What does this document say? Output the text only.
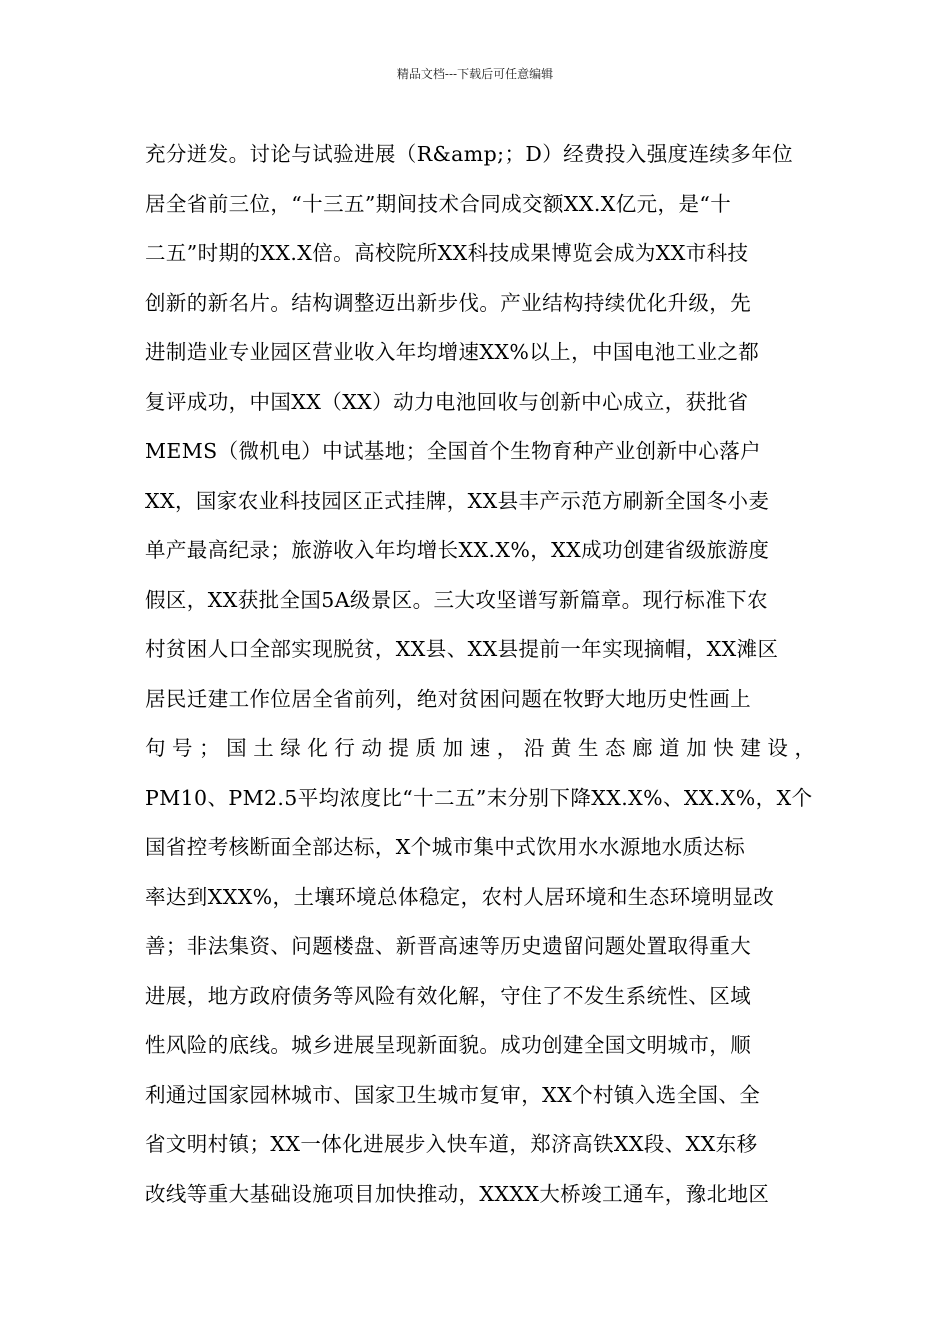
精品文档---下载后可任意编辑
充分迸发。讨论与试验进展（R&amp;；D）经费投入强度连续多年位
居全省前三位，“十三五”期间技术合同成交额XX.X亿元，是“十
二五”时期的XX.X倍。高校院所XX科技成果博览会成为XX市科技
创新的新名片。结构调整迈出新步伐。产业结构持续优化升级，先
进制造业专业园区营业收入年均增速XX%以上，中国电池工业之都
复评成功，中国XX（XX）动力电池回收与创新中心成立，获批省
MEMS（微机电）中试基地；全国首个生物育种产业创新中心落户
XX，国家农业科技园区正式挂牌，XX县丰产示范方刷新全国冬小麦
单产最高纪录；旅游收入年均增长XX.X%，XX成功创建省级旅游度
假区，XX获批全国5A级景区。三大攻坚谱写新篇章。现行标准下农
村贫困人口全部实现脱贫，XX县、XX县提前一年实现摘帽，XX滩区
居民迁建工作位居全省前列，绝对贫困问题在牧野大地历史性画上
句号；国土绿化行动提质加速，沿黄生态廊道加快建设，
PM10、PM2.5平均浓度比“十二五”末分别下降XX.X%、XX.X%，X个
国省控考核断面全部达标，X个城市集中式饮用水水源地水质达标
率达到XXX%，土壤环境总体稳定，农村人居环境和生态环境明显改
善；非法集资、问题楼盘、新晋高速等历史遗留问题处置取得重大
进展，地方政府债务等风险有效化解，守住了不发生系统性、区域
性风险的底线。城乡进展呈现新面貌。成功创建全国文明城市，顺
利通过国家园林城市、国家卫生城市复审，XX个村镇入选全国、全
省文明村镇；XX一体化进展步入快车道，郑济高铁XX段、XX东移
改线等重大基础设施项目加快推动，XXXX大桥竣工通车，豫北地区
